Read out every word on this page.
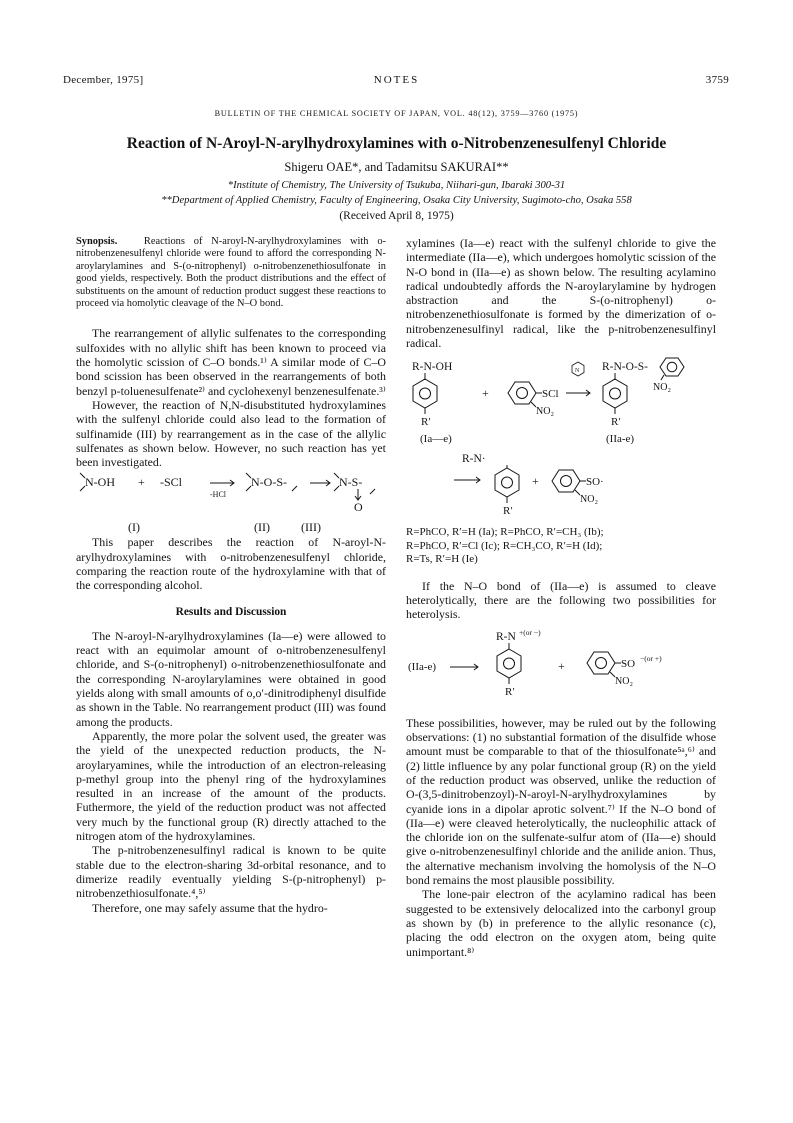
December, 1975]	NOTES	3759
BULLETIN OF THE CHEMICAL SOCIETY OF JAPAN, VOL. 48(12), 3759—3760 (1975)
Reaction of N-Aroyl-N-arylhydroxylamines with o-Nitrobenzenesulfenyl Chloride
Shigeru OAE*, and Tadamitsu SAKURAI**
*Institute of Chemistry, The University of Tsukuba, Niihari-gun, Ibaraki 300-31
**Department of Applied Chemistry, Faculty of Engineering, Osaka City University, Sugimoto-cho, Osaka 558
(Received April 8, 1975)

Synopsis.	Reactions of N-aroyl-N-arylhydroxylamines with o-nitrobenzenesulfenyl chloride were found to afford the corresponding N-aroylarylamines and S-(o-nitrophenyl) o-nitrobenzenethiosulfonate in good yields, respectively. Both the product distributions and the effect of substituents on the amount of reduction product suggest these reactions to proceed via homolytic cleavage of the N–O bond.

The rearrangement of allylic sulfenates to the corresponding sulfoxides with no allylic shift has been known to proceed via the homolytic scission of C–O bonds.¹⁾ A similar mode of C–O bond scission has been observed in the rearrangements of both benzyl p-toluenesulfenate²⁾ and cyclohexenyl benzenesulfenate.³⁾

However, the reaction of N,N-disubstituted hydroxylamines with the sulfenyl chloride could also lead to the formation of sulfinamide (III) by rearrangement as in the case of the allylic sulfenates as shown below. However, no such reaction has yet been investigated.

N-OH + -SCl
-HCl
N-O-S-	N-S-
O
(I)	(II)	(III)

This paper describes the reaction of N-aroyl-N-arylhydroxylamines with o-nitrobenzenesulfenyl chloride, comparing the reaction route of the hydroxylamine with that of the corresponding alcohol.

Results and Discussion

The N-aroyl-N-arylhydroxylamines (Ia—e) were allowed to react with an equimolar amount of o-nitrobenzenesulfenyl chloride, and S-(o-nitrophenyl) o-nitrobenzenethiosulfonate and the corresponding N-aroylarylamines were obtained in good yields along with small amounts of o,o′-dinitrodiphenyl disulfide as shown in the Table. No rearrangement product (III) was found among the products.

Apparently, the more polar the solvent used, the greater was the yield of the unexpected reduction products, the N-aroylaryamines, while the introduction of an electron-releasing p-methyl group into the phenyl ring of the hydroxylamines resulted in an increase of the amount of the products. Futhermore, the yield of the reduction product was not affected very much by the functional group (R) directly attached to the nitrogen atom of the hydroxylamines.

The p-nitrobenzenesulfinyl radical is known to be quite stable due to the electron-sharing 3d-orbital resonance, and to dimerize readily eventually yielding S-(p-nitrophenyl) p-nitrobenzethiosulfonate.⁴,⁵⁾

Therefore, one may safely assume that the hydro-

xylamines (Ia—e) react with the sulfenyl chloride to give the intermediate (IIa—e), which undergoes homolytic scission of the N-O bond in (IIa—e) as shown below. The resulting acylamino radical undoubtedly affords the N-aroylarylamine by hydrogen abstraction and the S-(o-nitrophenyl) o-nitrobenzenethiosulfonate is formed by the dimerization of o-nitrobenzenesulfinyl radical, like the p-nitrobenzenesulfinyl radical.

R-N-OH
R′
+	SCl
NO₂
N R-N-O-S-
NO₂
R′
(Ia—e)	(IIa-e)
R-N·
R′
+	SO·
NO₂
R=PhCO, R′=H (Ia); R=PhCO, R′=CH₃ (Ib);
R=PhCO, R′=Cl (Ic); R=CH₃CO, R′=H (Id);
R=Ts, R′=H (Ie)

If the N–O bond of (IIa—e) is assumed to cleave heterolytically, there are the following two possibilities for heterolysis.

R-N +(or −)
(IIa-e)
R′
+	SO −(or +)
NO₂

These possibilities, however, may be ruled out by the following observations: (1) no substantial formation of the disulfide whose amount must be comparable to that of the thiosulfonate⁵ᵃ,⁶⁾ and (2) little influence by any polar functional group (R) on the yield of the reduction product was observed, unlike the reduction of O-(3,5-dinitrobenzoyl)-N-aroyl-N-arylhydroxylamines by cyanide ions in a dipolar aprotic solvent.⁷⁾ If the N–O bond of (IIa—e) were cleaved heterolytically, the nucleophilic attack of the chloride ion on the sulfenate-sulfur atom of (IIa—e) should give o-nitrobenzenesulfinyl chloride and the anilide anion. Thus, the alternative mechanism involving the homolysis of the N–O bond remains the most plausible possibility.

The lone-pair electron of the acylamino radical has been suggested to be extensively delocalized into the carbonyl group as shown by (b) in preference to the allylic resonance (c), placing the odd electron on the oxygen atom, being quite unimportant.⁸⁾
